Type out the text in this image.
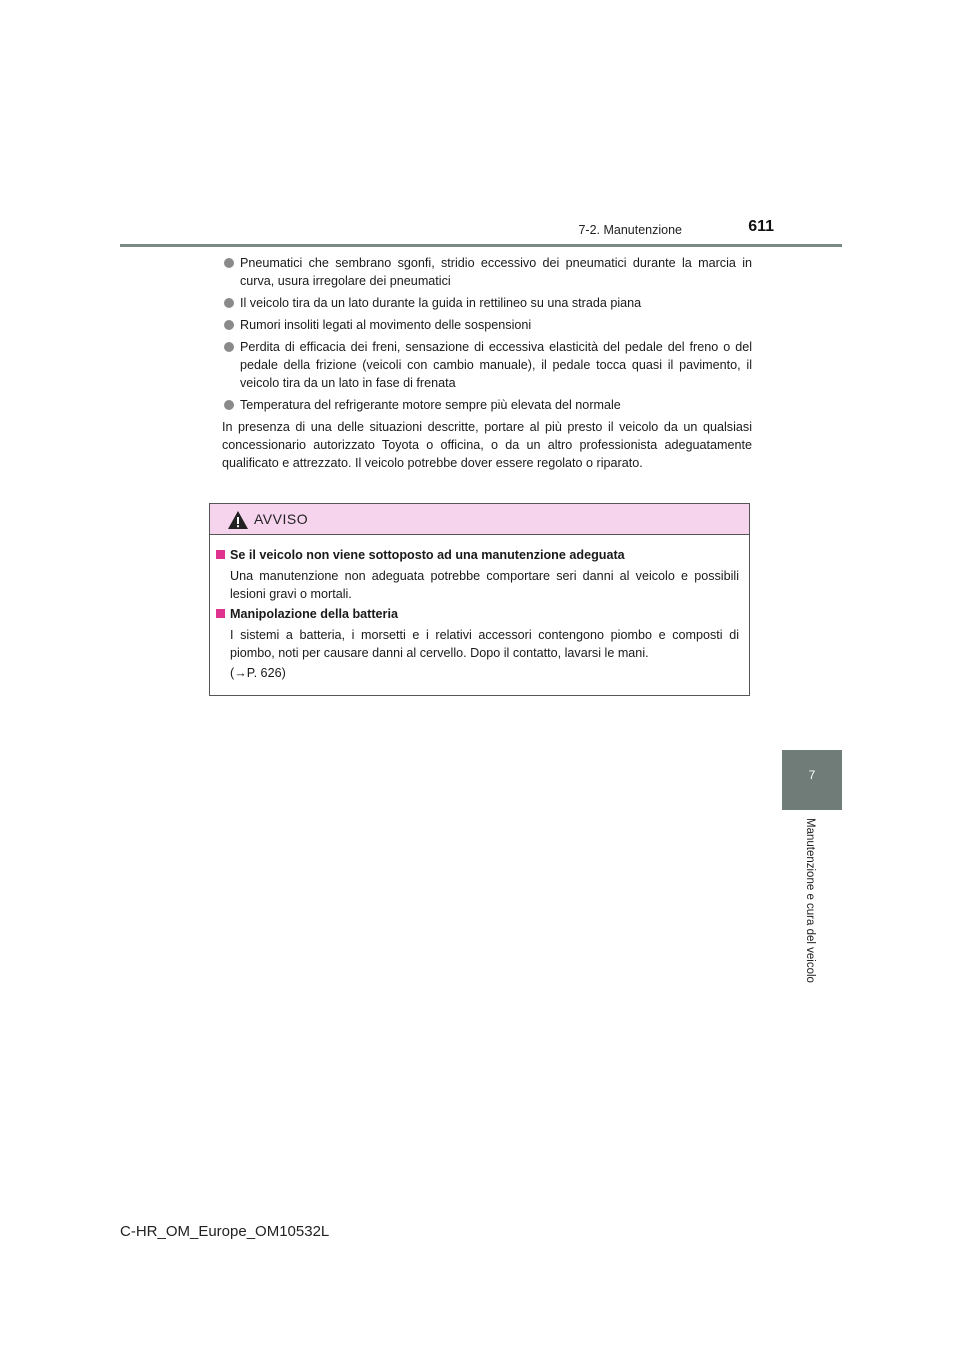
7-2. Manutenzione	611
7
Manutenzione e cura del veicolo
Pneumatici che sembrano sgonfi, stridio eccessivo dei pneumatici durante la marcia in curva, usura irregolare dei pneumatici
Il veicolo tira da un lato durante la guida in rettilineo su una strada piana
Rumori insoliti legati al movimento delle sospensioni
Perdita di efficacia dei freni, sensazione di eccessiva elasticità del pedale del freno o del pedale della frizione (veicoli con cambio manuale), il pedale tocca quasi il pavimento, il veicolo tira da un lato in fase di frenata
Temperatura del refrigerante motore sempre più elevata del normale

In presenza di una delle situazioni descritte, portare al più presto il veicolo da un qualsiasi concessionario autorizzato Toyota o officina, o da un altro professionista adeguatamente qualificato e attrezzato. Il veicolo potrebbe dover essere regolato o riparato.

AVVISO
Se il veicolo non viene sottoposto ad una manutenzione adeguata
Una manutenzione non adeguata potrebbe comportare seri danni al veicolo e possibili lesioni gravi o mortali.
Manipolazione della batteria
I sistemi a batteria, i morsetti e i relativi accessori contengono piombo e composti di piombo, noti per causare danni al cervello. Dopo il contatto, lavarsi le mani.
(→P. 626)
C-HR_OM_Europe_OM10532L
